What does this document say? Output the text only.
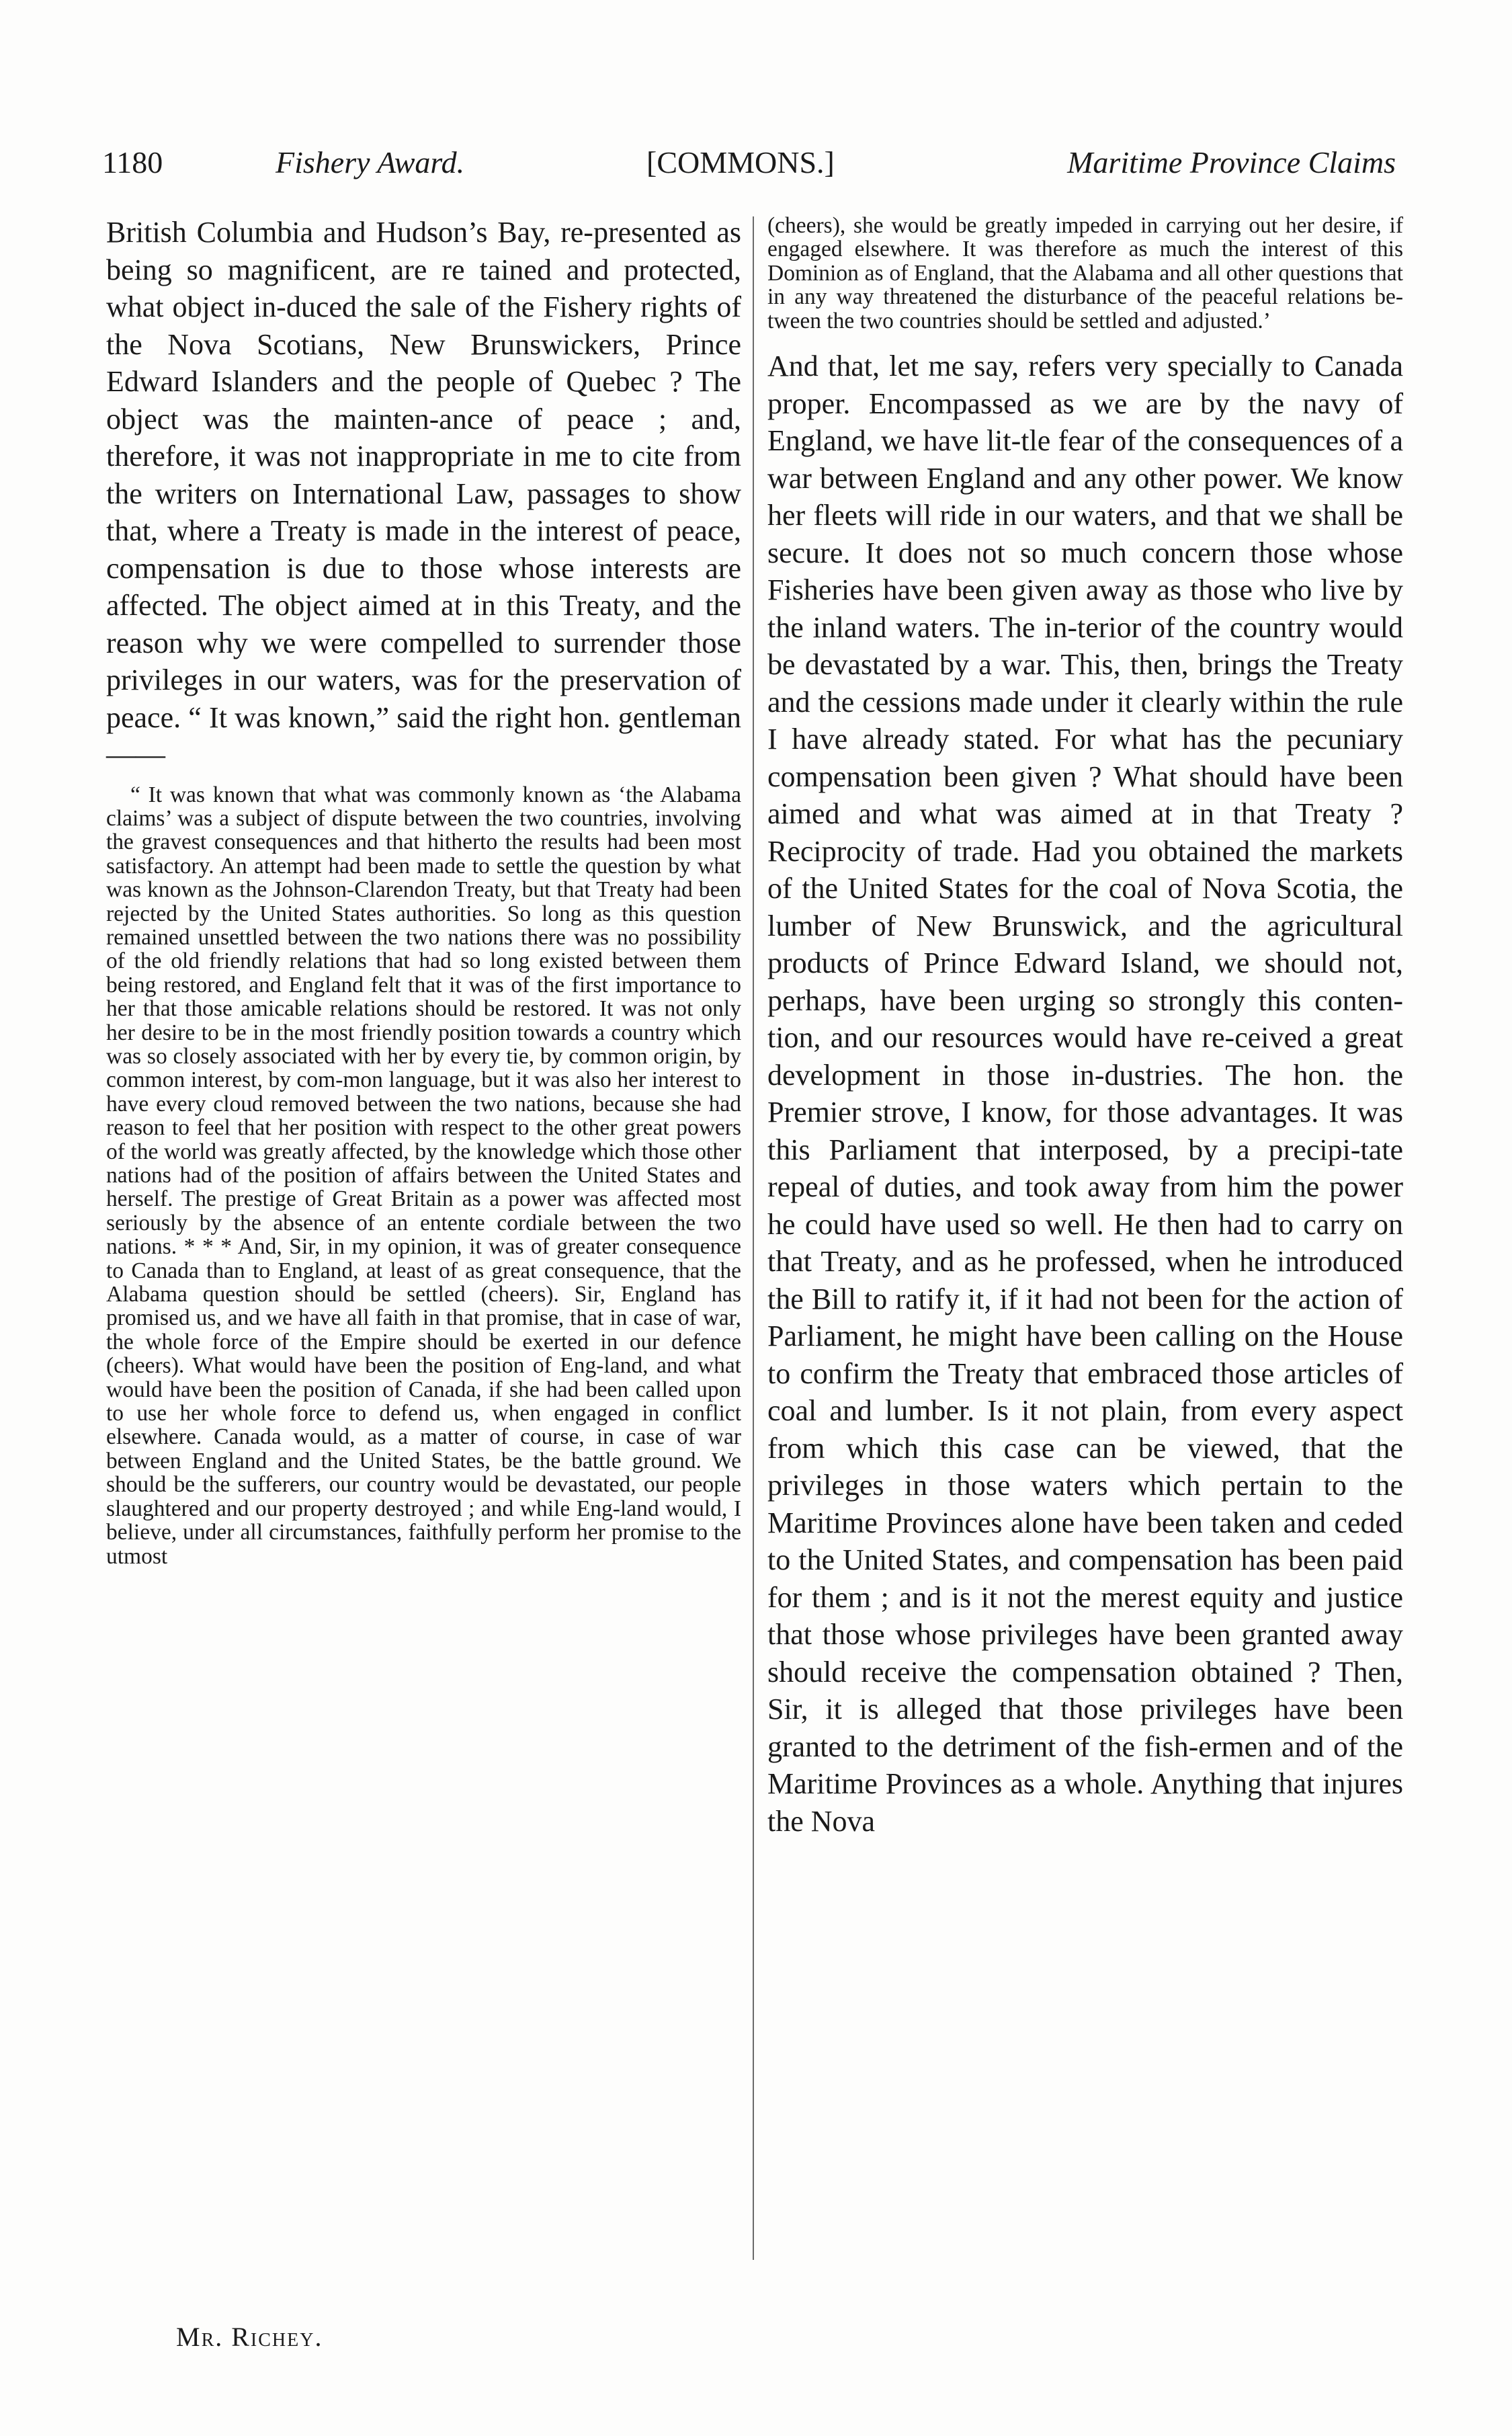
1180	Fishery Award.	[COMMONS.]	Maritime Province Claims

British Columbia and Hudson’s Bay, re-presented as being so magnificent, are re tained and protected, what object in-duced the sale of the Fishery rights of the Nova Scotians, New Brunswickers, Prince Edward Islanders and the people of Quebec ? The object was the mainten-ance of peace ; and, therefore, it was not inappropriate in me to cite from the writers on International Law, passages to show that, where a Treaty is made in the interest of peace, compensation is due to those whose interests are affected. The object aimed at in this Treaty, and the reason why we were compelled to surrender those privileges in our waters, was for the preservation of peace. “ It was known,” said the right hon. gentleman——

“ It was known that what was commonly known as ‘the Alabama claims’ was a subject of dispute between the two countries, involving the gravest consequences and that hitherto the results had been most satisfactory. An attempt had been made to settle the question by what was known as the Johnson-Clarendon Treaty, but that Treaty had been rejected by the United States authorities. So long as this question remained unsettled between the two nations there was no possibility of the old friendly relations that had so long existed between them being restored, and England felt that it was of the first importance to her that those amicable relations should be restored. It was not only her desire to be in the most friendly position towards a country which was so closely associated with her by every tie, by common origin, by common interest, by com-mon language, but it was also her interest to have every cloud removed between the two nations, because she had reason to feel that her position with respect to the other great powers of the world was greatly affected, by the knowledge which those other nations had of the position of affairs between the United States and herself. The prestige of Great Britain as a power was affected most seriously by the absence of an entente cordiale between the two nations. * * * And, Sir, in my opinion, it was of greater consequence to Canada than to England, at least of as great consequence, that the Alabama question should be settled (cheers). Sir, England has promised us, and we have all faith in that promise, that in case of war, the whole force of the Empire should be exerted in our defence (cheers). What would have been the position of Eng-land, and what would have been the position of Canada, if she had been called upon to use her whole force to defend us, when engaged in conflict elsewhere. Canada would, as a matter of course, in case of war between England and the United States, be the battle ground. We should be the sufferers, our country would be devastated, our people slaughtered and our property destroyed ; and while Eng-land would, I believe, under all circumstances, faithfully perform her promise to the utmost

(cheers), she would be greatly impeded in carrying out her desire, if engaged elsewhere. It was therefore as much the interest of this Dominion as of England, that the Alabama and all other questions that in any way threatened the disturbance of the peaceful relations be-tween the two countries should be settled and adjusted.’

And that, let me say, refers very specially to Canada proper. Encompassed as we are by the navy of England, we have lit-tle fear of the consequences of a war between England and any other power. We know her fleets will ride in our waters, and that we shall be secure. It does not so much concern those whose Fisheries have been given away as those who live by the inland waters. The in-terior of the country would be devastated by a war. This, then, brings the Treaty and the cessions made under it clearly within the rule I have already stated. For what has the pecuniary compensation been given ? What should have been aimed and what was aimed at in that Treaty ? Reciprocity of trade. Had you obtained the markets of the United States for the coal of Nova Scotia, the lumber of New Brunswick, and the agricultural products of Prince Edward Island, we should not, perhaps, have been urging so strongly this conten-tion, and our resources would have re-ceived a great development in those in-dustries. The hon. the Premier strove, I know, for those advantages. It was this Parliament that interposed, by a precipi-tate repeal of duties, and took away from him the power he could have used so well. He then had to carry on that Treaty, and as he professed, when he introduced the Bill to ratify it, if it had not been for the action of Parliament, he might have been calling on the House to confirm the Treaty that embraced those articles of coal and lumber. Is it not plain, from every aspect from which this case can be viewed, that the privileges in those waters which pertain to the Maritime Provinces alone have been taken and ceded to the United States, and compensation has been paid for them ; and is it not the merest equity and justice that those whose privileges have been granted away should receive the compensation obtained ? Then, Sir, it is alleged that those privileges have been granted to the detriment of the fish-ermen and of the Maritime Provinces as a whole. Anything that injures the Nova

Mr. Richey.
